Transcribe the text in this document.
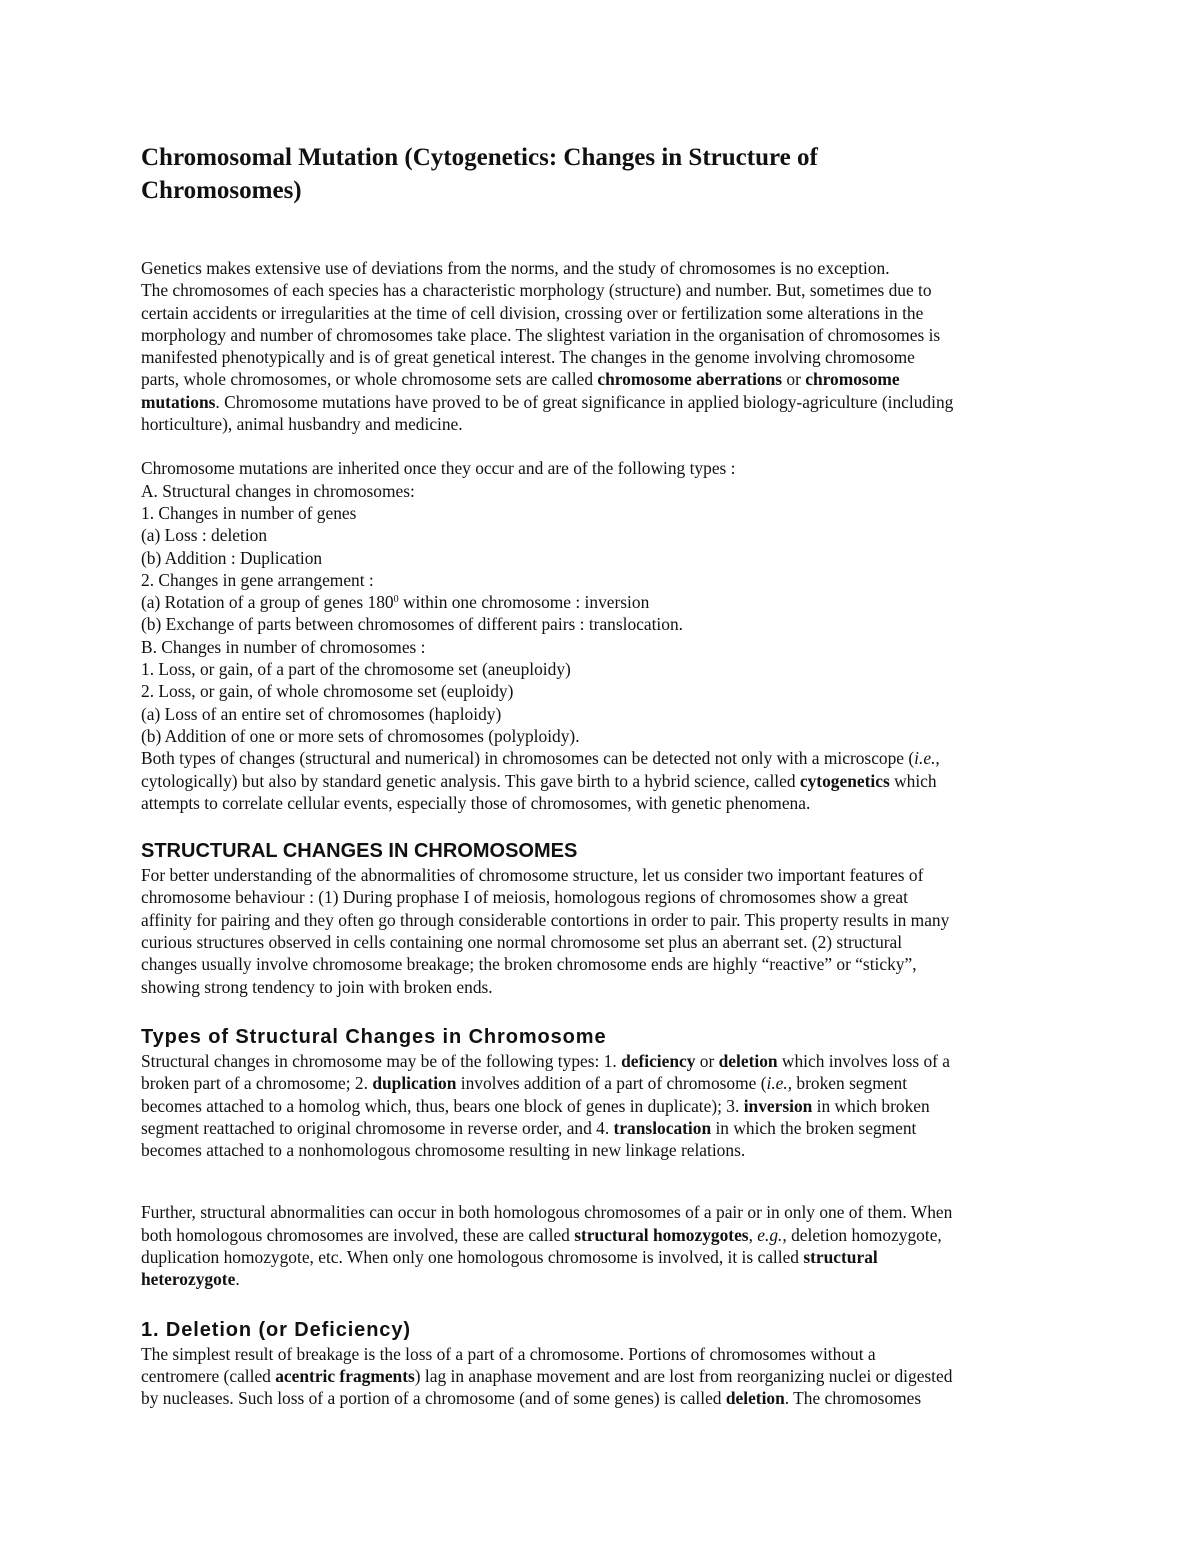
Chromosomal Mutation (Cytogenetics: Changes in Structure of
Chromosomes)
Genetics makes extensive use of deviations from the norms, and the study of chromosomes is no exception.
The chromosomes of each species has a characteristic morphology (structure) and number. But, sometimes due to
certain accidents or irregularities at the time of cell division, crossing over or fertilization some alterations in the
morphology and number of chromosomes take place. The slightest variation in the organisation of chromosomes is
manifested phenotypically and is of great genetical interest. The changes in the genome involving chromosome
parts, whole chromosomes, or whole chromosome sets are called chromosome aberrations or chromosome
mutations. Chromosome mutations have proved to be of great significance in applied biology-agriculture (including
horticulture), animal husbandry and medicine.
Chromosome mutations are inherited once they occur and are of the following types :
A. Structural changes in chromosomes:
1. Changes in number of genes
(a) Loss : deletion
(b) Addition : Duplication
2. Changes in gene arrangement :
(a) Rotation of a group of genes $180^0$ within one chromosome : inversion
(b) Exchange of parts between chromosomes of different pairs : translocation.
B. Changes in number of chromosomes :
1. Loss, or gain, of a part of the chromosome set (aneuploidy)
2. Loss, or gain, of whole chromosome set (euploidy)
(a) Loss of an entire set of chromosomes (haploidy)
(b) Addition of one or more sets of chromosomes (polyploidy).
Both types of changes (structural and numerical) in chromosomes can be detected not only with a microscope (i.e.,
cytologically) but also by standard genetic analysis. This gave birth to a hybrid science, called cytogenetics which
attempts to correlate cellular events, especially those of chromosomes, with genetic phenomena.
STRUCTURAL CHANGES IN CHROMOSOMES
For better understanding of the abnormalities of chromosome structure, let us consider two important features of
chromosome behaviour : (1) During prophase I of meiosis, homologous regions of chromosomes show a great
affinity for pairing and they often go through considerable contortions in order to pair. This property results in many
curious structures observed in cells containing one normal chromosome set plus an aberrant set. (2) structural
changes usually involve chromosome breakage; the broken chromosome ends are highly “reactive” or “sticky”,
showing strong tendency to join with broken ends.
Types of Structural Changes in Chromosome
Structural changes in chromosome may be of the following types: 1. deficiency or deletion which involves loss of a
broken part of a chromosome; 2. duplication involves addition of a part of chromosome (i.e., broken segment
becomes attached to a homolog which, thus, bears one block of genes in duplicate); 3. inversion in which broken
segment reattached to original chromosome in reverse order, and 4. translocation in which the broken segment
becomes attached to a nonhomologous chromosome resulting in new linkage relations.
Further, structural abnormalities can occur in both homologous chromosomes of a pair or in only one of them. When
both homologous chromosomes are involved, these are called structural homozygotes, e.g., deletion homozygote,
duplication homozygote, etc. When only one homologous chromosome is involved, it is called structural
heterozygote.
1. Deletion (or Deficiency)
The simplest result of breakage is the loss of a part of a chromosome. Portions of chromosomes without a
centromere (called acentric fragments) lag in anaphase movement and are lost from reorganizing nuclei or digested
by nucleases. Such loss of a portion of a chromosome (and of some genes) is called deletion. The chromosomes
